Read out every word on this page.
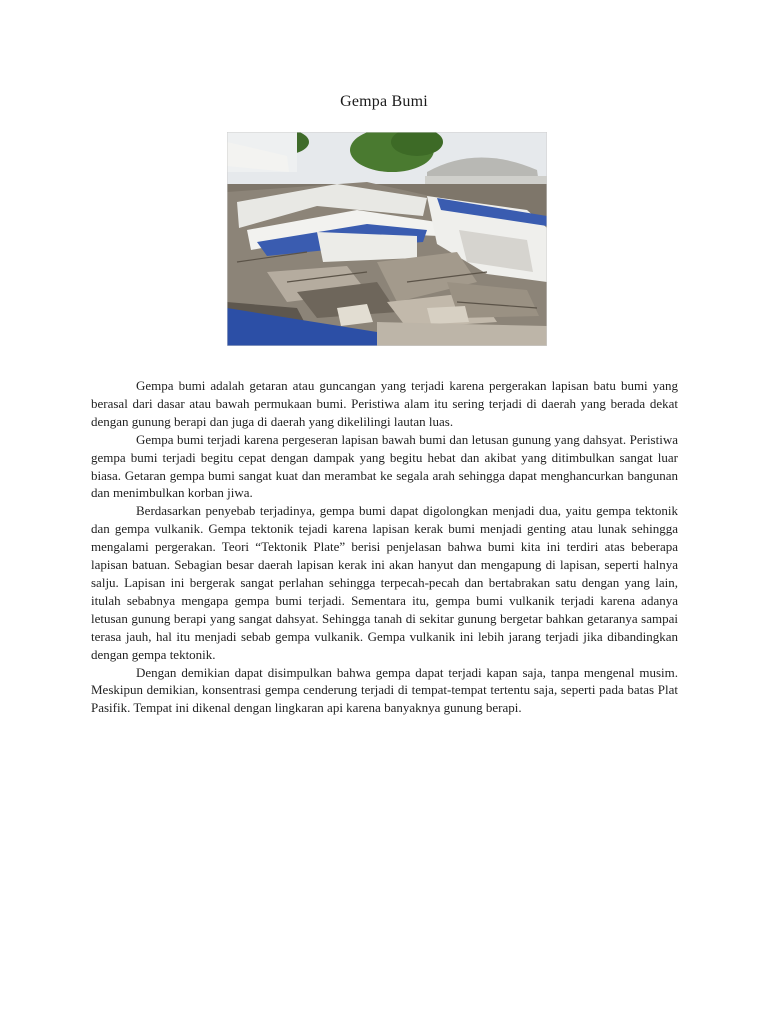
Gempa Bumi

Gempa bumi adalah getaran atau guncangan yang terjadi karena pergerakan lapisan batu bumi yang berasal dari dasar atau bawah permukaan bumi. Peristiwa alam itu sering terjadi di daerah yang berada dekat dengan gunung berapi dan juga di daerah yang dikelilingi lautan luas.

Gempa bumi terjadi karena pergeseran lapisan bawah bumi dan letusan gunung yang dahsyat. Peristiwa gempa bumi terjadi begitu cepat dengan dampak yang begitu hebat dan akibat yang ditimbulkan sangat luar biasa. Getaran gempa bumi sangat kuat dan merambat ke segala arah sehingga dapat menghancurkan bangunan dan menimbulkan korban jiwa.

Berdasarkan penyebab terjadinya, gempa bumi dapat digolongkan menjadi dua, yaitu gempa tektonik dan gempa vulkanik. Gempa tektonik tejadi karena lapisan kerak bumi menjadi genting atau lunak sehingga mengalami pergerakan. Teori “Tektonik Plate” berisi penjelasan bahwa bumi kita ini terdiri atas beberapa lapisan batuan. Sebagian besar daerah lapisan kerak ini akan hanyut dan mengapung di lapisan, seperti halnya salju. Lapisan ini bergerak sangat perlahan sehingga terpecah-pecah dan bertabrakan satu dengan yang lain, itulah sebabnya mengapa gempa bumi terjadi. Sementara itu, gempa bumi vulkanik terjadi karena adanya letusan gunung berapi yang sangat dahsyat. Sehingga tanah di sekitar gunung bergetar bahkan getaranya sampai terasa jauh, hal itu menjadi sebab gempa vulkanik. Gempa vulkanik ini lebih jarang terjadi jika dibandingkan dengan gempa tektonik.

Dengan demikian dapat disimpulkan bahwa gempa dapat terjadi kapan saja, tanpa mengenal musim. Meskipun demikian, konsentrasi gempa cenderung terjadi di tempat-tempat tertentu saja, seperti pada batas Plat Pasifik. Tempat ini dikenal dengan lingkaran api karena banyaknya gunung berapi.
